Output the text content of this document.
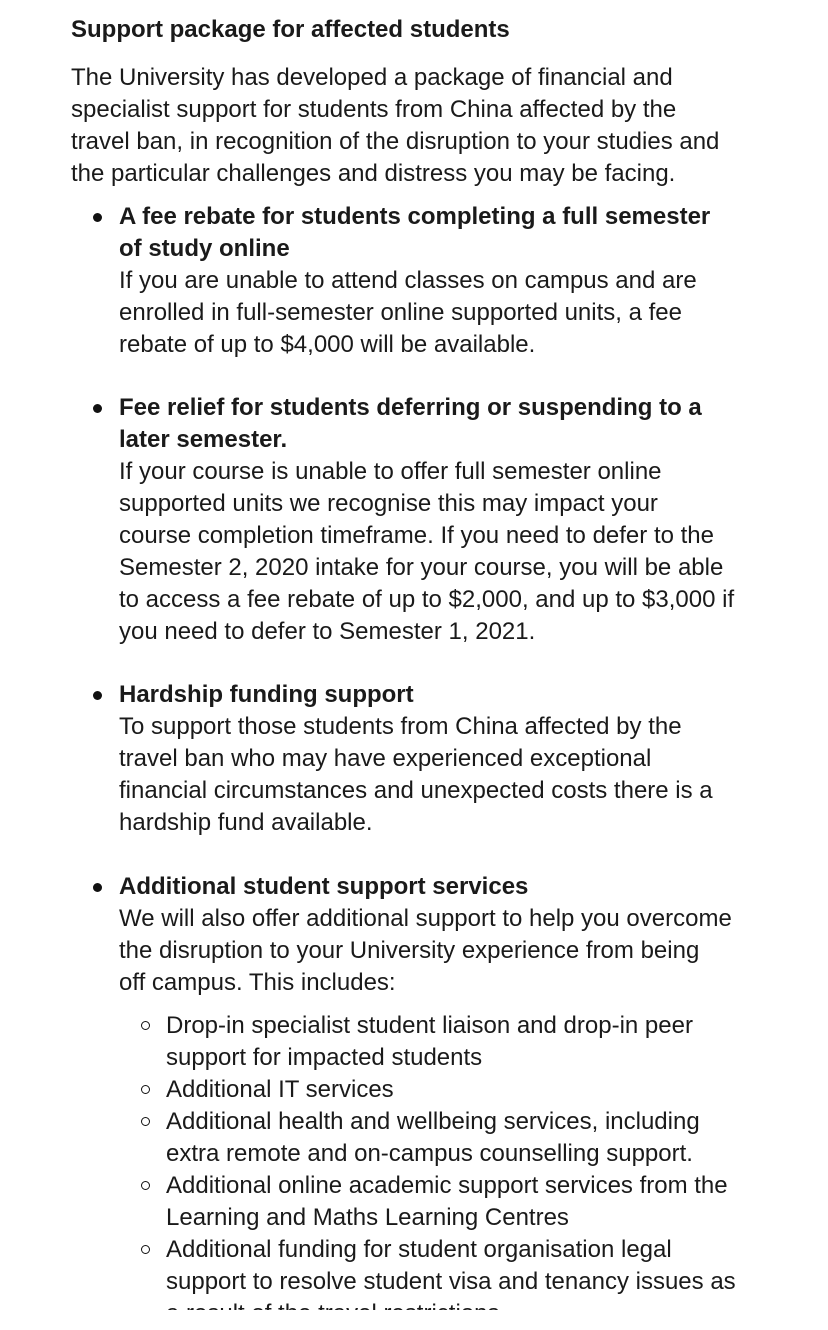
Support package for affected students

The University has developed a package of financial and
specialist support for students from China affected by the
travel ban, in recognition of the disruption to your studies and
the particular challenges and distress you may be facing.

A fee rebate for students completing a full semester
of study online
If you are unable to attend classes on campus and are
enrolled in full-semester online supported units, a fee
rebate of up to $4,000 will be available.
Fee relief for students deferring or suspending to a
later semester.
If your course is unable to offer full semester online
supported units we recognise this may impact your
course completion timeframe. If you need to defer to the
Semester 2, 2020 intake for your course, you will be able
to access a fee rebate of up to $2,000, and up to $3,000 if
you need to defer to Semester 1, 2021.
Hardship funding support
To support those students from China affected by the
travel ban who may have experienced exceptional
financial circumstances and unexpected costs there is a
hardship fund available.
Additional student support services
We will also offer additional support to help you overcome
the disruption to your University experience from being
off campus. This includes:
Drop-in specialist student liaison and drop-in peer
support for impacted students
Additional IT services
Additional health and wellbeing services, including
extra remote and on-campus counselling support.
Additional online academic support services from the
Learning and Maths Learning Centres
Additional funding for student organisation legal
support to resolve student visa and tenancy issues as
